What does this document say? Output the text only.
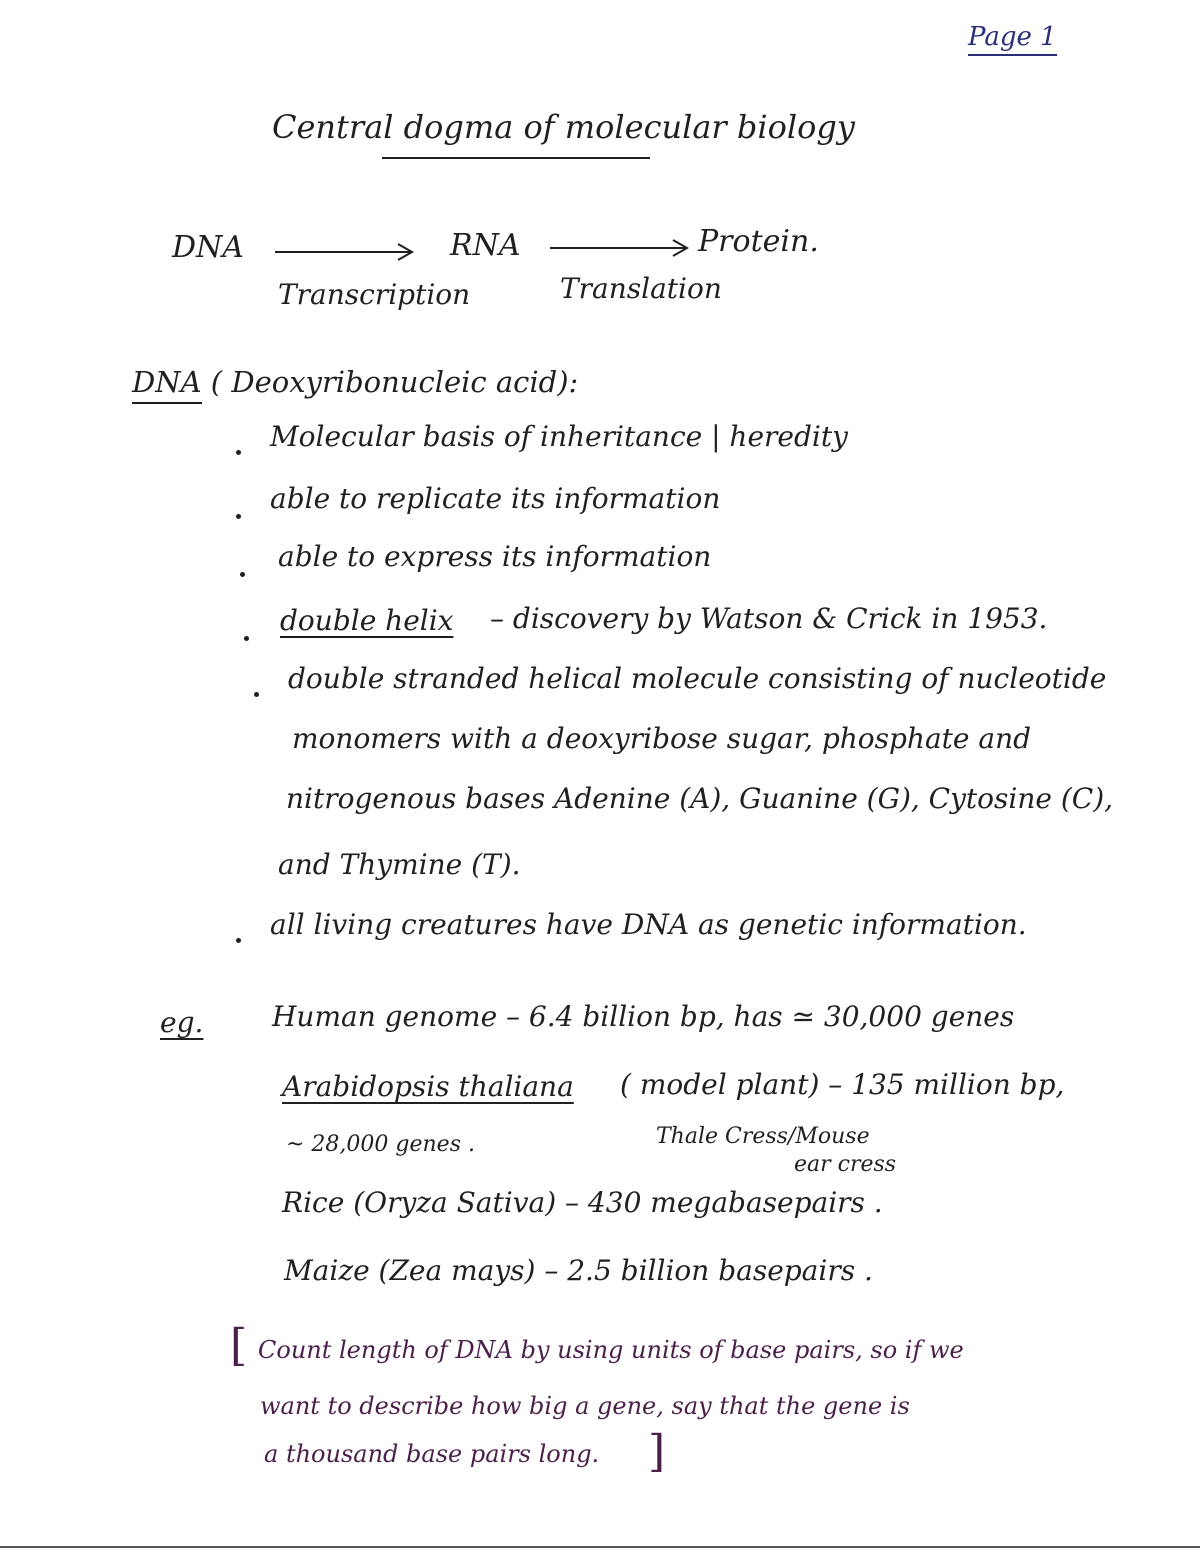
Page 1
Central dogma of molecular biology
DNA	RNA	Protein.
Transcription	Translation
DNA ( Deoxyribonucleic acid):
Molecular basis of inheritance | heredity
able to replicate its information
able to express its information
double helix – discovery by Watson & Crick in 1953.
double stranded helical molecule consisting of nucleotide
monomers with a deoxyribose sugar, phosphate and
nitrogenous bases Adenine (A), Guanine (G), Cytosine (C),
and Thymine (T).
all living creatures have DNA as genetic information.
eg. Human genome – 6.4 billion bp, has ≃ 30,000 genes
Arabidopsis thaliana ( model plant) – 135 million bp,
~ 28,000 genes .	Thale Cress/Mouse
ear cress
Rice (Oryza Sativa) – 430 megabasepairs .
Maize (Zea mays) – 2.5 billion basepairs .
[ Count length of DNA by using units of base pairs, so if we
want to describe how big a gene, say that the gene is
a thousand base pairs long. ]
